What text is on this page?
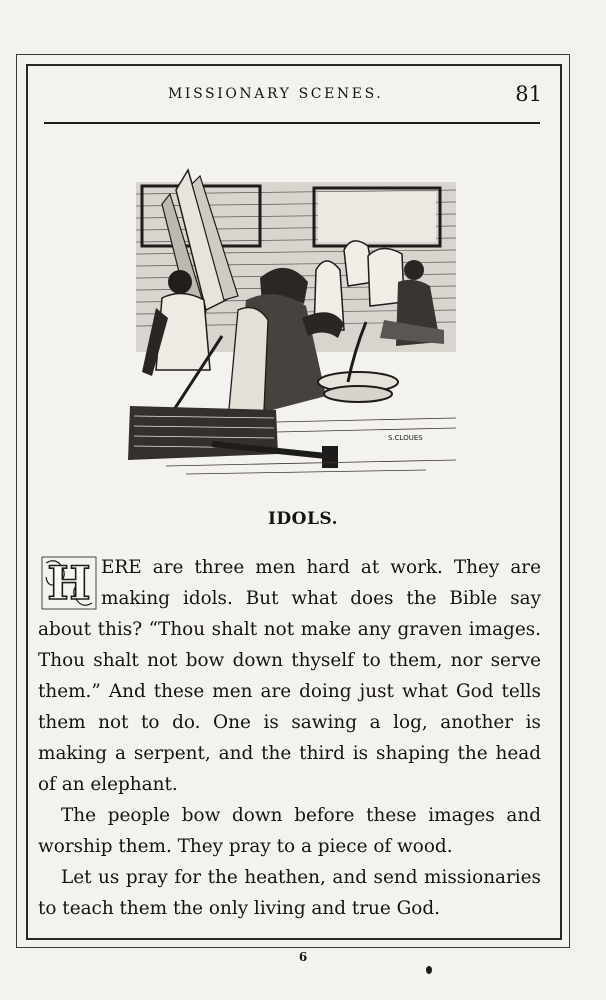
MISSIONARY SCENES.	81
S.CLOUES
IDOLS.
H ERE are three men hard at work. They are making idols. But what does the Bible say about this? “Thou shalt not make any graven images. Thou shalt not bow down thyself to them, nor serve them.” And these men are doing just what God tells them not to do. One is sawing a log, another is making a serpent, and the third is shaping the head of an elephant.
The people bow down before these images and worship them. They pray to a piece of wood.
Let us pray for the heathen, and send missionaries to teach them the only living and true God.
6
